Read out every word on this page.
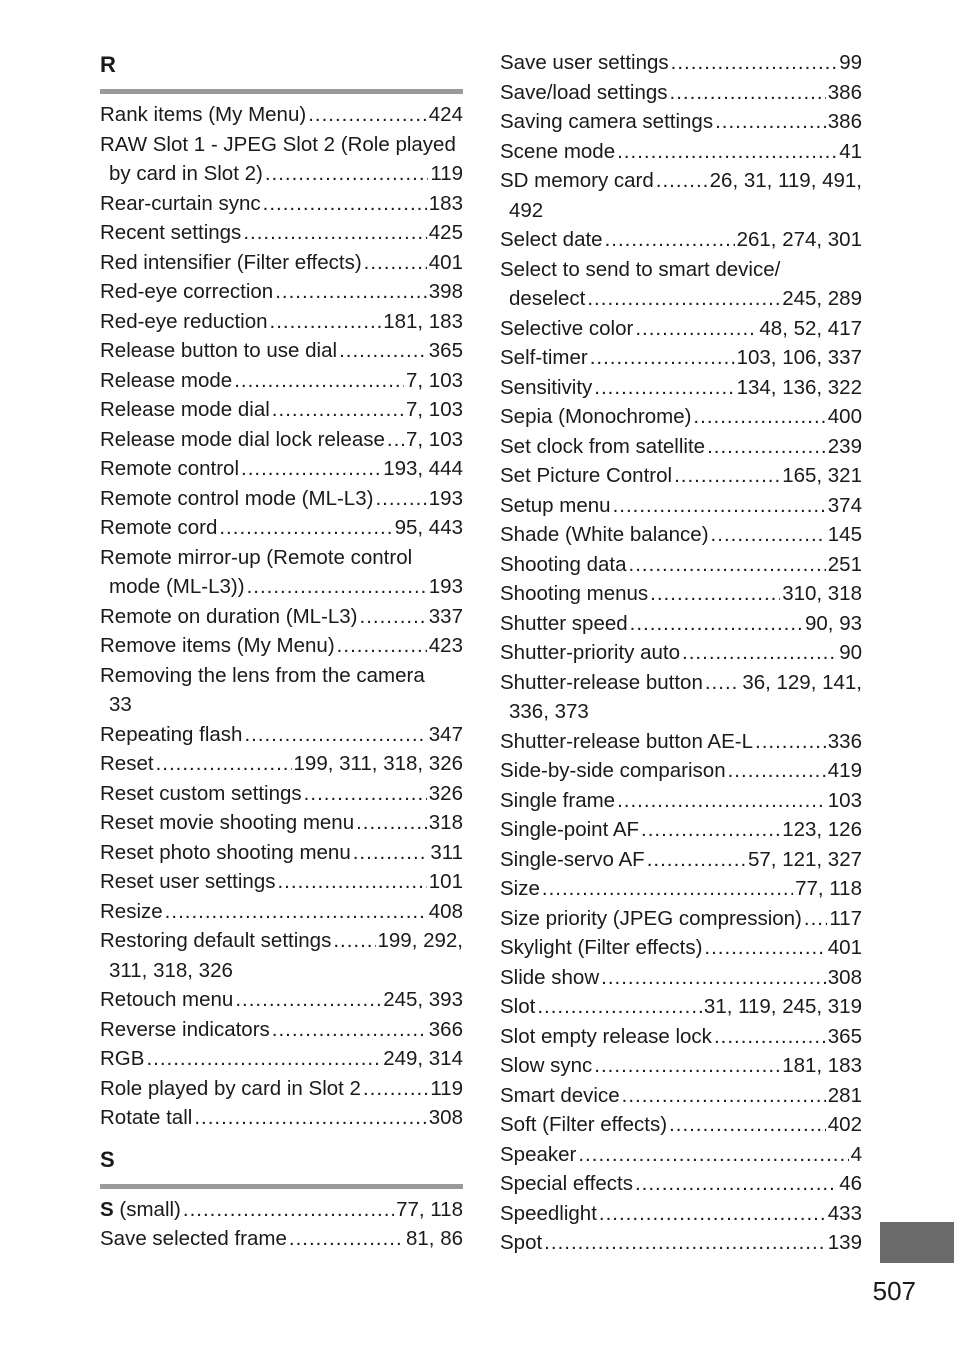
R
Rank items (My Menu) .....	424
RAW Slot 1 - JPEG Slot 2 (Role played
by card in Slot 2) .....	119
Rear-curtain sync .....	183
Recent settings .....	425
Red intensifier (Filter effects) .....	401
Red-eye correction .....	398
Red-eye reduction .....	181, 183
Release button to use dial .....	365
Release mode .....	7, 103
Release mode dial .....	7, 103
Release mode dial lock release ..... 7, 103
Remote control .....	193, 444
Remote control mode (ML-L3) .....	193
Remote cord .....	95, 443
Remote mirror-up (Remote control
mode (ML-L3)) .....	193
Remote on duration (ML-L3) .....	337
Remove items (My Menu) .....	423
Removing the lens from the camera
33
Repeating flash .....	347
Reset .....	199, 311, 318, 326
Reset custom settings .....	326
Reset movie shooting menu .....	318
Reset photo shooting menu .....	311
Reset user settings .....	101
Resize .....	408
Restoring default settings ..... 199, 292,
311, 318, 326
Retouch menu .....	245, 393
Reverse indicators .....	366
RGB .....	249, 314
Role played by card in Slot 2 .....	119
Rotate tall .....	308
S
S (small) .....	77, 118
Save selected frame .....	81, 86
Save user settings .....	99
Save/load settings .....	386
Saving camera settings .....	386
Scene mode .....	41
SD memory card .....	26, 31, 119, 491,
492
Select date .....	261, 274, 301
Select to send to smart device/
deselect .....	245, 289
Selective color .....	48, 52, 417
Self-timer .....	103, 106, 337
Sensitivity .....	134, 136, 322
Sepia (Monochrome) .....	400
Set clock from satellite .....	239
Set Picture Control .....	165, 321
Setup menu .....	374
Shade (White balance) .....	145
Shooting data .....	251
Shooting menus .....	310, 318
Shutter speed .....	90, 93
Shutter-priority auto .....	90
Shutter-release button ..... 36, 129, 141,
336, 373
Shutter-release button AE-L .....	336
Side-by-side comparison .....	419
Single frame .....	103
Single-point AF .....	123, 126
Single-servo AF .....	57, 121, 327
Size .....	77, 118
Size priority (JPEG compression) ..... 117
Skylight (Filter effects) .....	401
Slide show .....	308
Slot .....	31, 119, 245, 319
Slot empty release lock .....	365
Slow sync .....	181, 183
Smart device .....	281
Soft (Filter effects) .....	402
Speaker .....	4
Special effects .....	46
Speedlight .....	433
Spot .....	139
507
